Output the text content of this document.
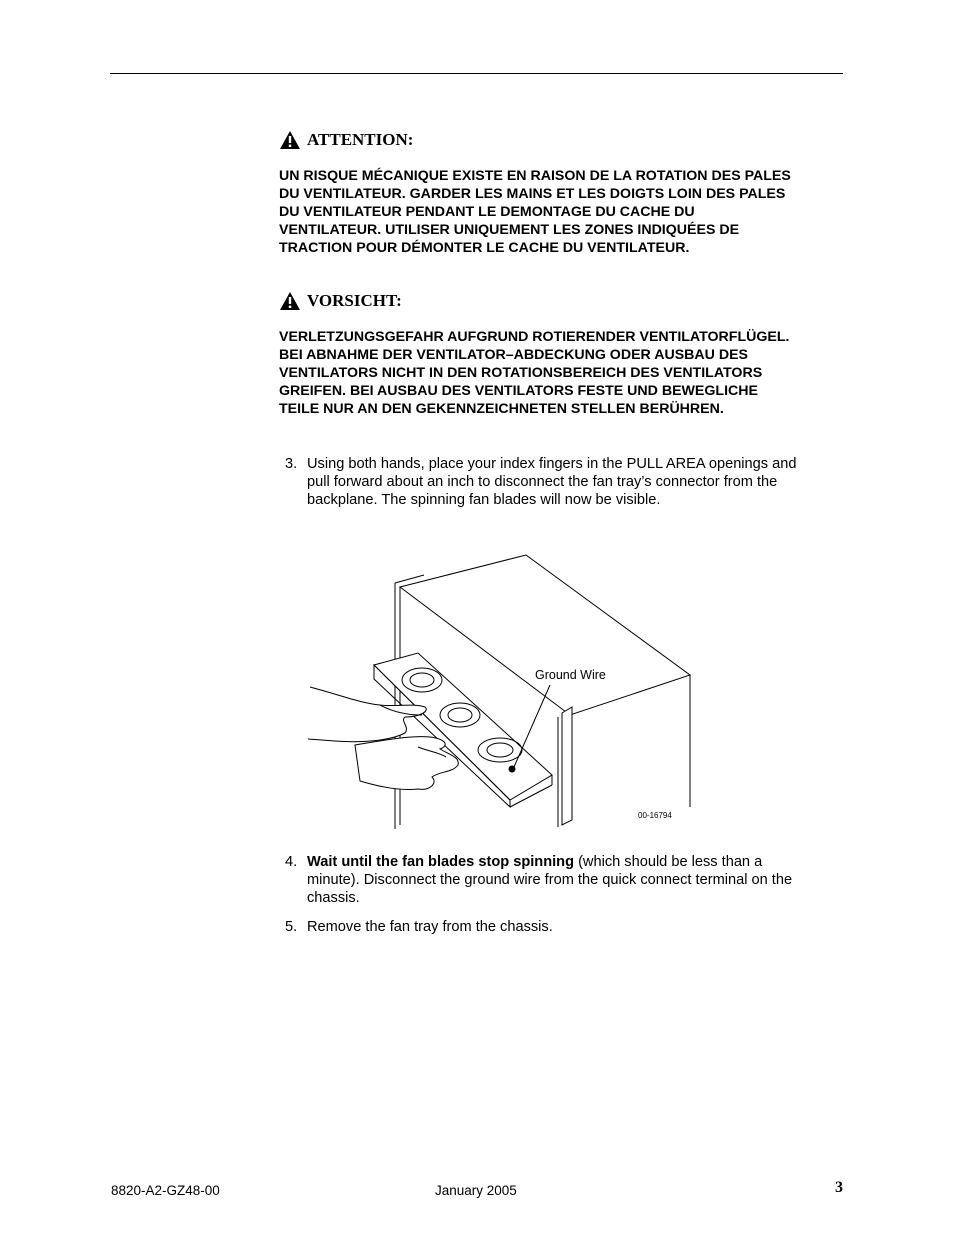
ATTENTION:
UN RISQUE MÉCANIQUE EXISTE EN RAISON DE LA ROTATION DES PALES
DU VENTILATEUR. GARDER LES MAINS ET LES DOIGTS LOIN DES PALES
DU VENTILATEUR PENDANT LE DEMONTAGE DU CACHE DU
VENTILATEUR. UTILISER UNIQUEMENT LES ZONES INDIQUÉES DE
TRACTION POUR DÉMONTER LE CACHE DU VENTILATEUR.
VORSICHT:
VERLETZUNGSGEFAHR AUFGRUND ROTIERENDER VENTILATORFLÜGEL.
BEI ABNAHME DER VENTILATOR–ABDECKUNG ODER AUSBAU DES
VENTILATORS NICHT IN DEN ROTATIONSBEREICH DES VENTILATORS
GREIFEN. BEI AUSBAU DES VENTILATORS FESTE UND BEWEGLICHE
TEILE NUR AN DEN GEKENNZEICHNETEN STELLEN BERÜHREN.
3. Using both hands, place your index fingers in the PULL AREA openings and
pull forward about an inch to disconnect the fan tray’s connector from the
backplane. The spinning fan blades will now be visible.
Ground Wire
00-16794
4. Wait until the fan blades stop spinning (which should be less than a
minute). Disconnect the ground wire from the quick connect terminal on the
chassis.
5. Remove the fan tray from the chassis.
8820-A2-GZ48-00	January 2005	3
